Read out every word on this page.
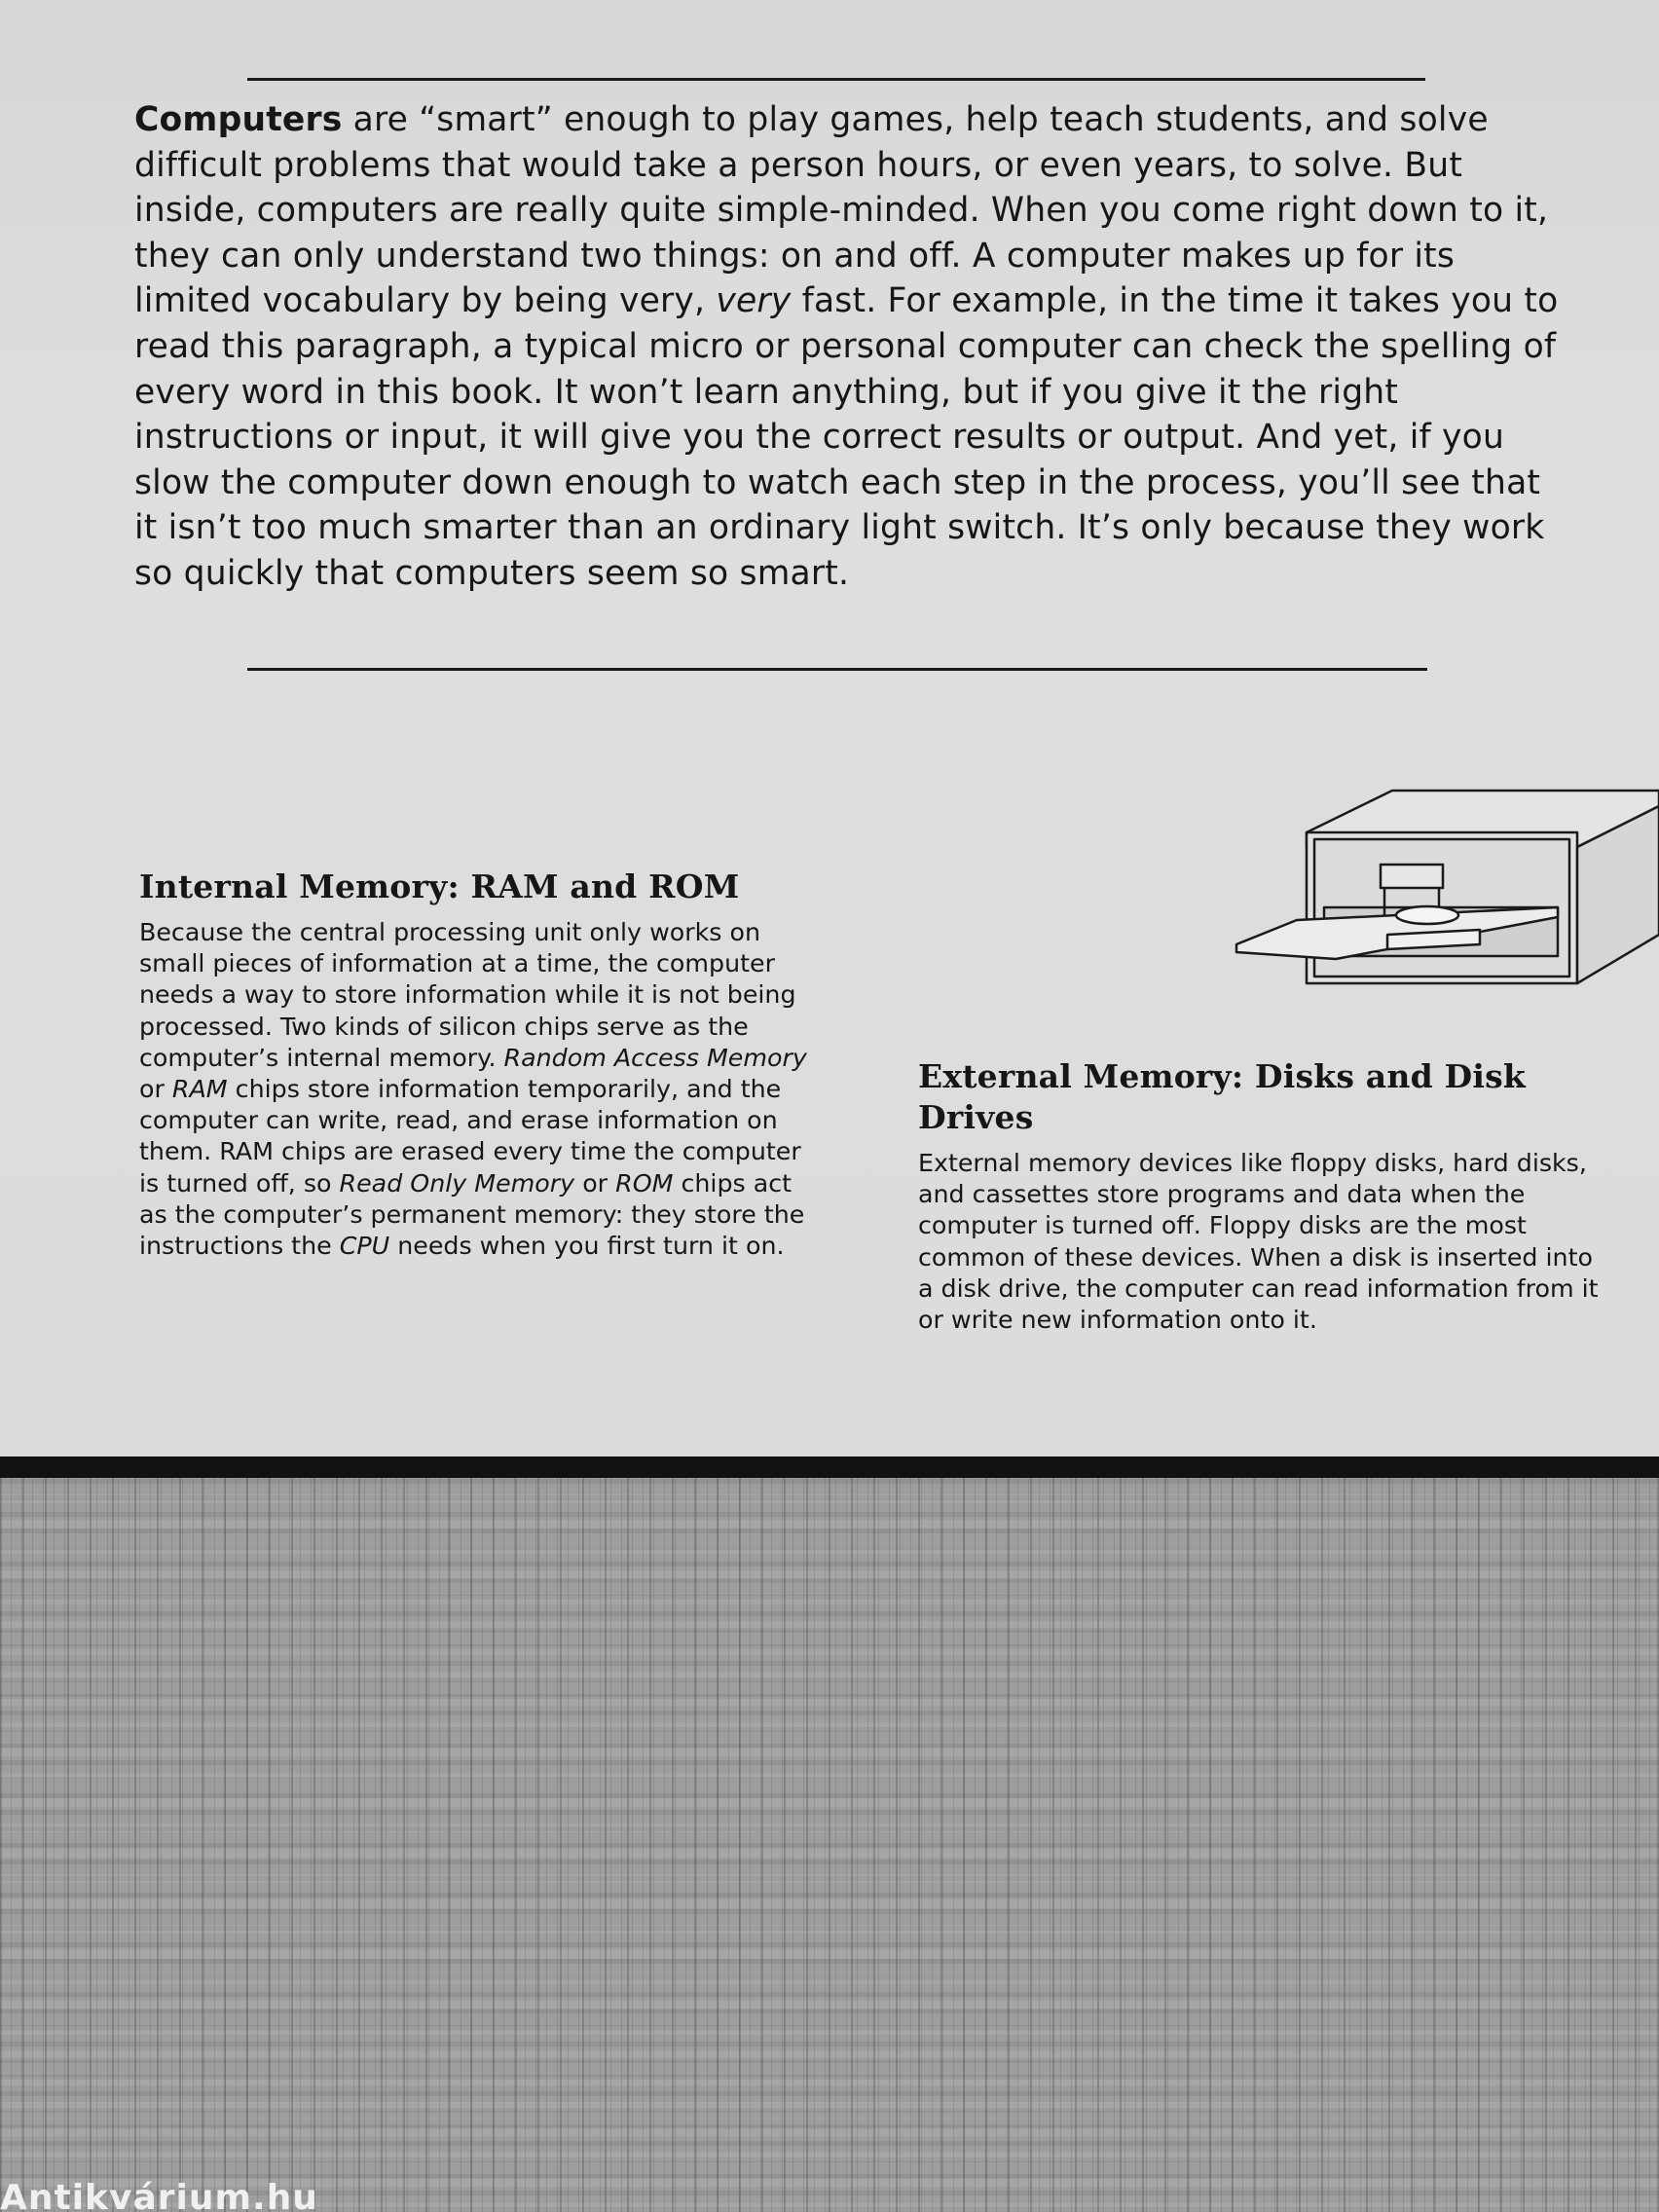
Computers are “smart” enough to play games, help teach students, and solve difficult problems that would take a person hours, or even years, to solve. But inside, computers are really quite simple-minded. When you come right down to it, they can only understand two things: on and off. A computer makes up for its limited vocabulary by being very, very fast. For example, in the time it takes you to read this paragraph, a typical micro or personal computer can check the spelling of every word in this book. It won’t learn anything, but if you give it the right instructions or input, it will give you the correct results or output. And yet, if you slow the computer down enough to watch each step in the process, you’ll see that it isn’t too much smarter than an ordinary light switch. It’s only because they work so quickly that computers seem so smart.

Internal Memory: RAM and ROM

Because the central processing unit only works on small pieces of information at a time, the computer needs a way to store information while it is not being processed. Two kinds of silicon chips serve as the computer’s internal memory. Random Access Memory or RAM chips store information temporarily, and the computer can write, read, and erase information on them. RAM chips are erased every time the computer is turned off, so Read Only Memory or ROM chips act as the computer’s permanent memory: they store the instructions the CPU needs when you first turn it on.

External Memory: Disks and Disk Drives

External memory devices like floppy disks, hard disks, and cassettes store programs and data when the computer is turned off. Floppy disks are the most common of these devices. When a disk is inserted into a disk drive, the computer can read information from it or write new information onto it.

Antikvárium.hu
